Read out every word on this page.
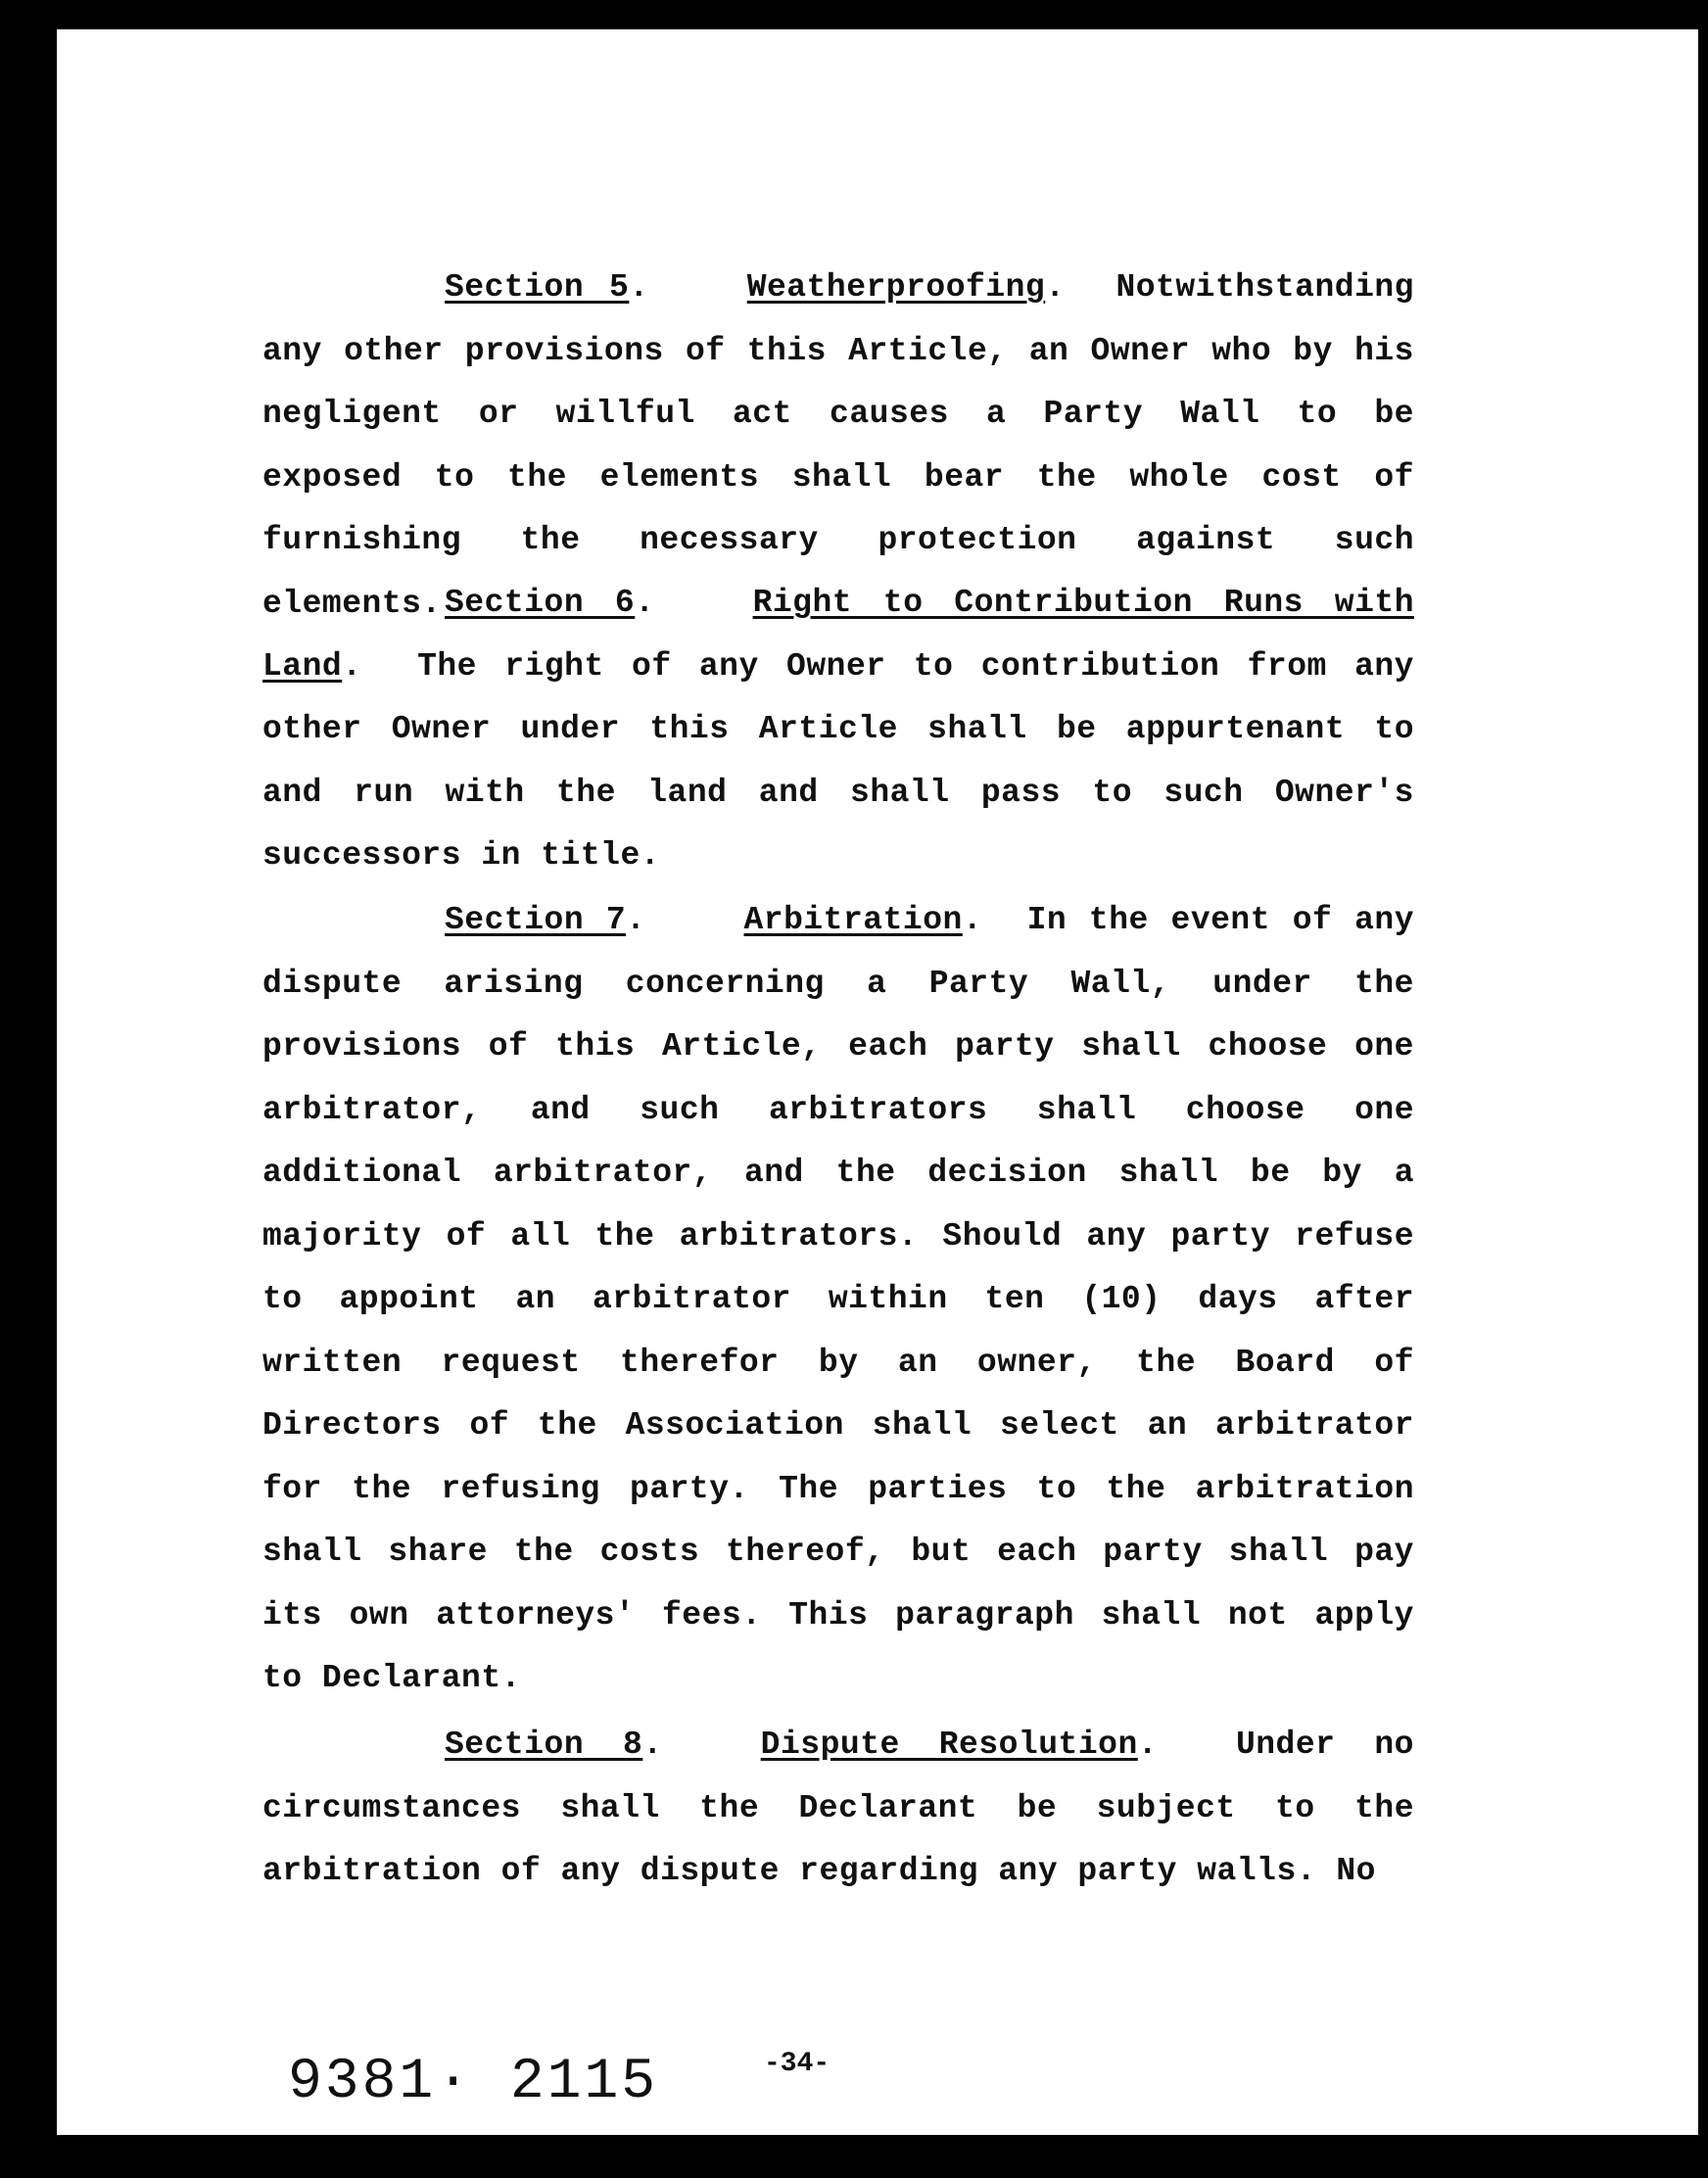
Section 5.	Weatherproofing.  Notwithstanding any other provisions of this Article, an Owner who by his negligent or willful act causes a Party Wall to be exposed to the elements shall bear the whole cost of furnishing the necessary protection against such elements. Section 6.	Right to Contribution Runs with Land.  The right of any Owner to contribution from any other Owner under this Article shall be appurtenant to and run with the land and shall pass to such Owner's successors in title.

Section 7.	Arbitration.  In the event of any dispute arising concerning a Party Wall, under the provisions of this Article, each party shall choose one arbitrator, and such arbitrators shall choose one additional arbitrator, and the decision shall be by a majority of all the arbitrators. Should any party refuse to appoint an arbitrator within ten (10) days after written request therefor by an owner, the Board of Directors of the Association shall select an arbitrator for the refusing party. The parties to the arbitration shall share the costs thereof, but each party shall pay its own attorneys' fees. This paragraph shall not apply to Declarant.

Section 8.	Dispute Resolution.  Under no circumstances shall the Declarant be subject to the arbitration of any dispute regarding any party walls. No

9381· 2115	-34-
